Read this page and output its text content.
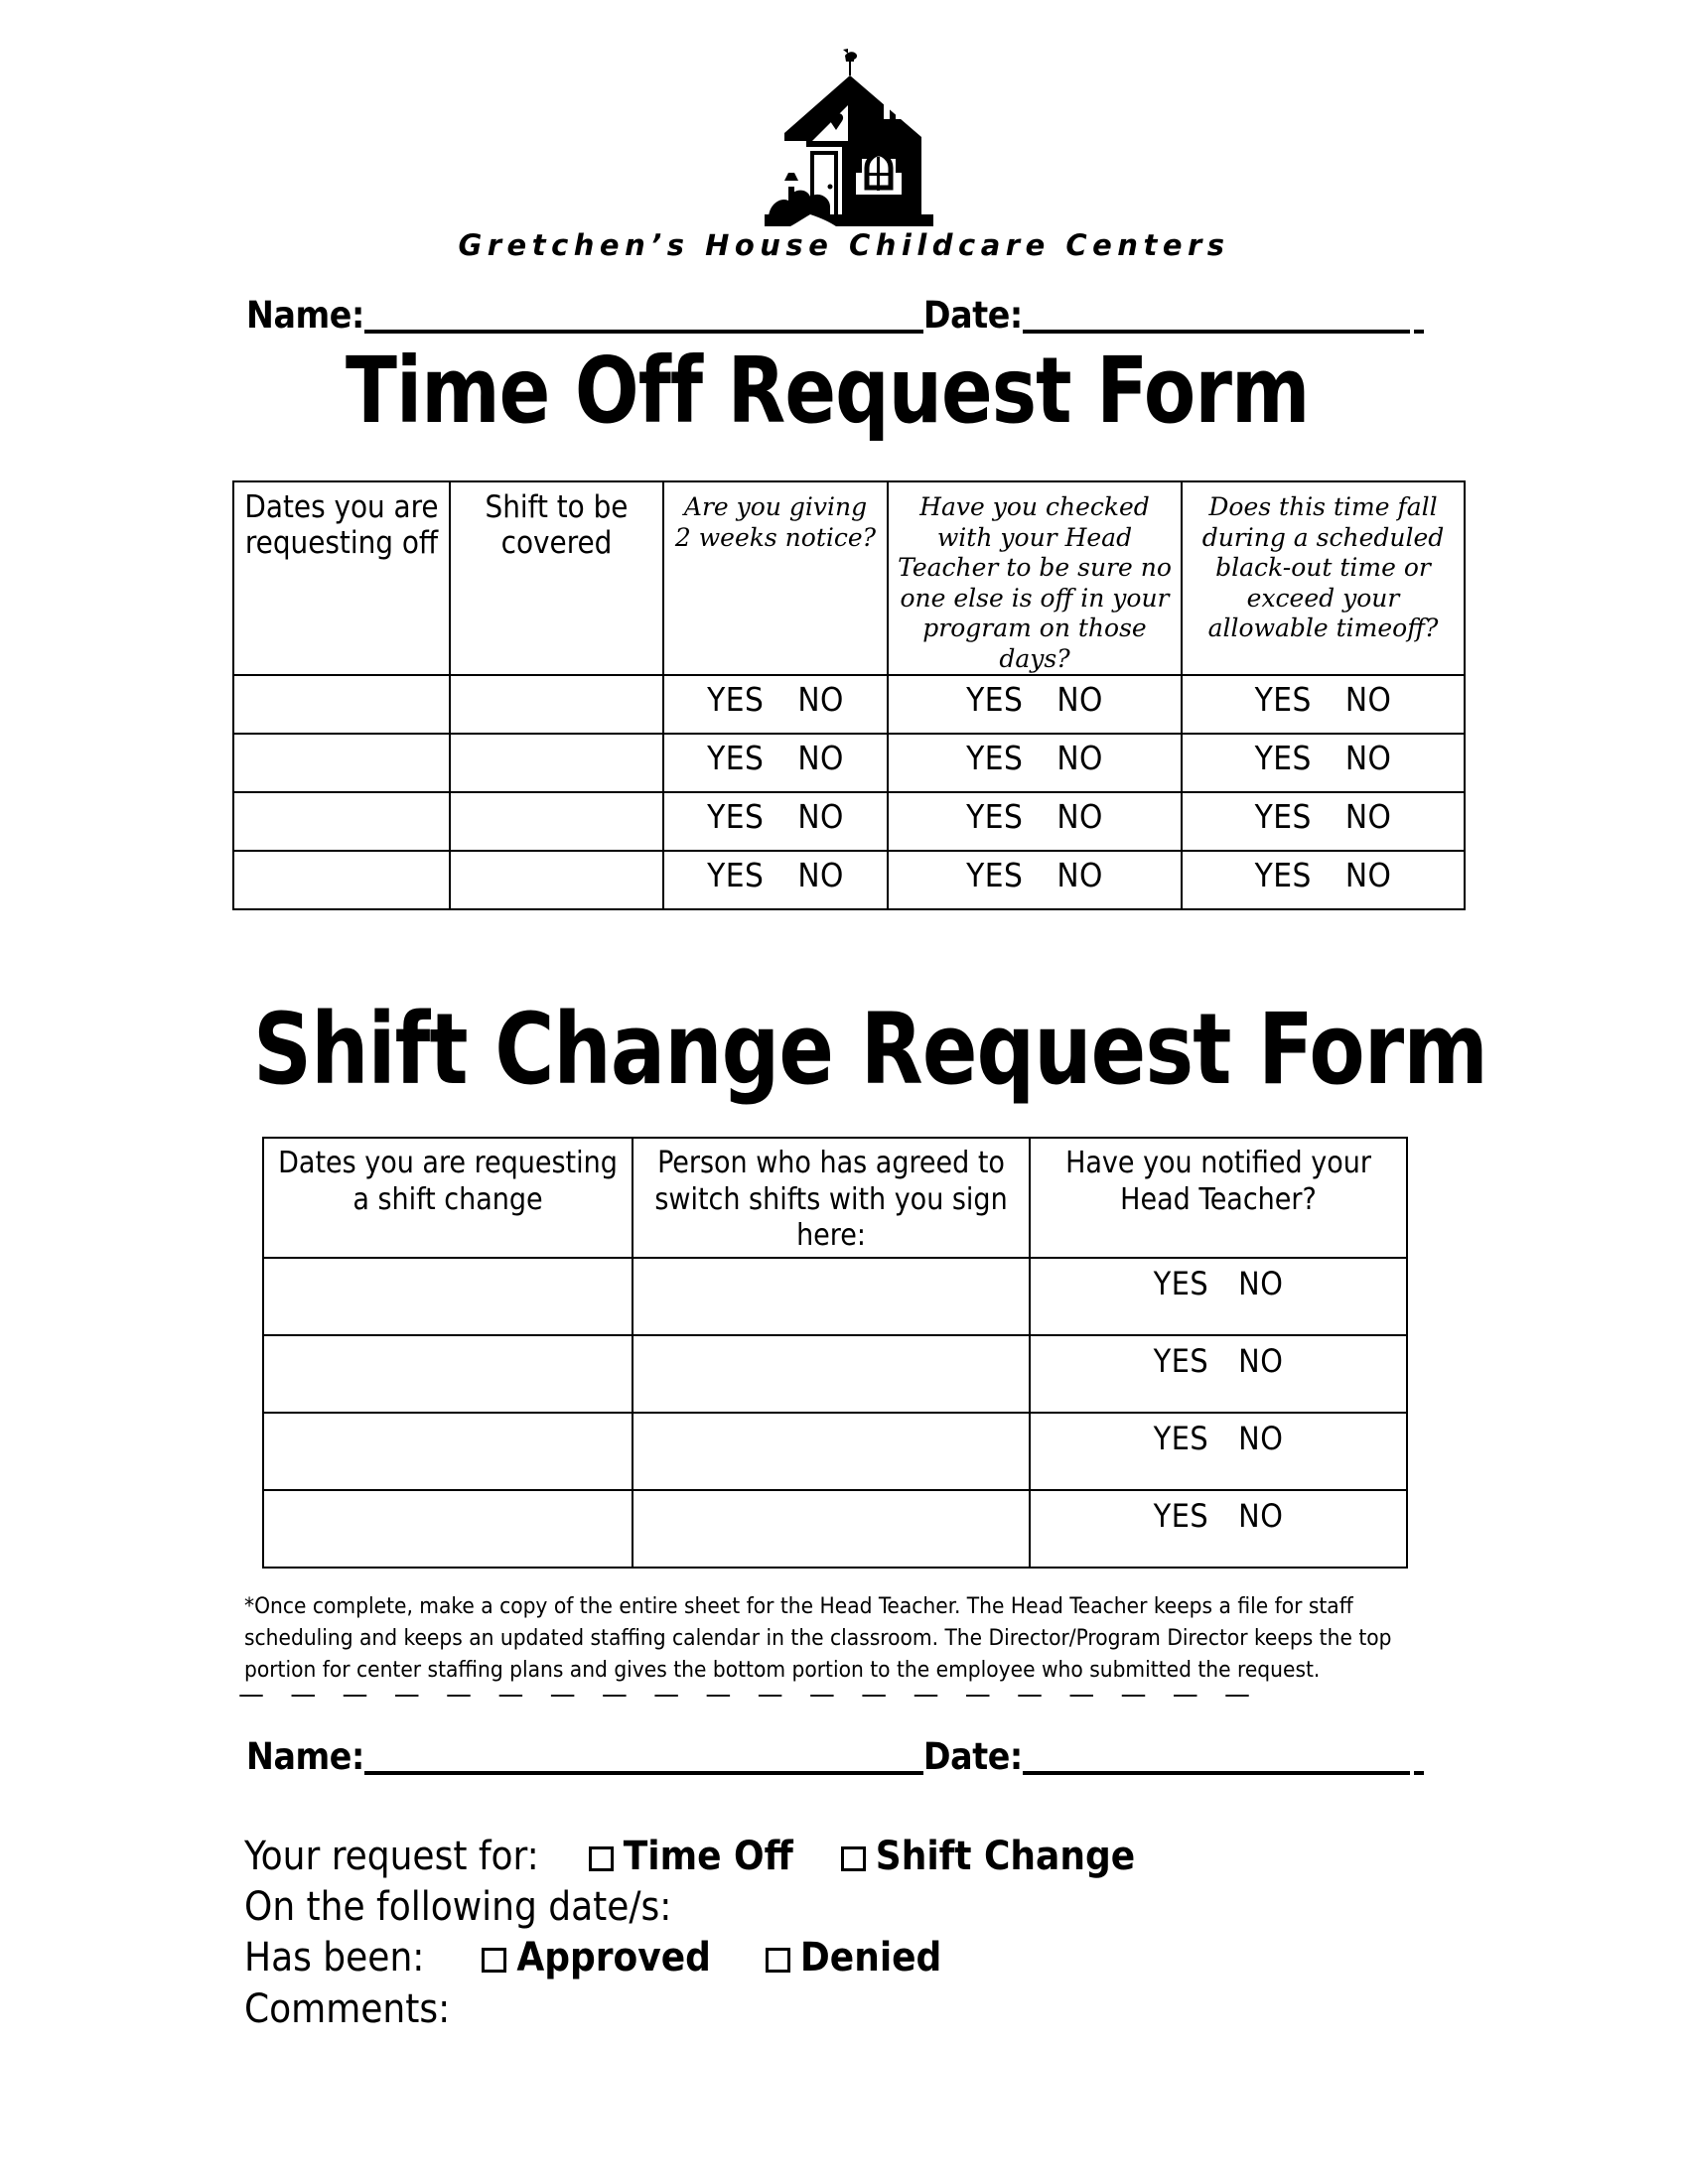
Gretchen’s House Childcare Centers
Name:	Date:
Time Off Request Form
Dates you are requesting off	Shift to be covered	Are you giving 2 weeks notice?	Have you checked with your Head Teacher to be sure no one else is off in your program on those days?	Does this time fall during a scheduled black-out time or exceed your allowable timeoff?
		YES NO	YES NO	YES NO
		YES NO	YES NO	YES NO
		YES NO	YES NO	YES NO
		YES NO	YES NO	YES NO
Shift Change Request Form
Dates you are requesting a shift change	Person who has agreed to switch shifts with you sign here:	Have you notified your Head Teacher?
		YES NO
		YES NO
		YES NO
		YES NO
*Once complete, make a copy of the entire sheet for the Head Teacher. The Head Teacher keeps a file for staff scheduling and keeps an updated staffing calendar in the classroom. The Director/Program Director keeps the top portion for center staffing plans and gives the bottom portion to the employee who submitted the request.
— — — — — — — — — — — — — — — — — — — —
Name:	Date:
Your request for:	Time Off	Shift Change
On the following date/s:
Has been:	Approved	Denied
Comments:
